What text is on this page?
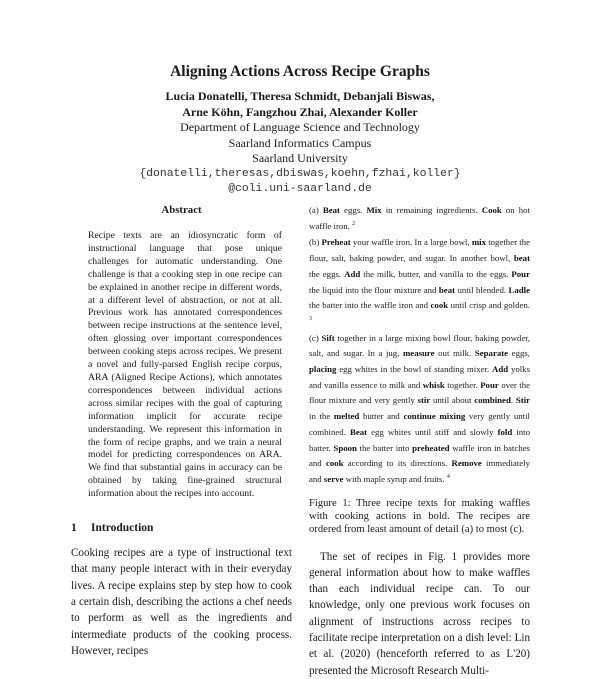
Aligning Actions Across Recipe Graphs
Lucia Donatelli, Theresa Schmidt, Debanjali Biswas,
Arne Köhn, Fangzhou Zhai, Alexander Koller
Department of Language Science and Technology
Saarland Informatics Campus
Saarland University
{donatelli,theresas,dbiswas,koehn,fzhai,koller}
@coli.uni-saarland.de
Abstract
Recipe texts are an idiosyncratic form of instructional language that pose unique challenges for automatic understanding. One challenge is that a cooking step in one recipe can be explained in another recipe in different words, at a different level of abstraction, or not at all. Previous work has annotated correspondences between recipe instructions at the sentence level, often glossing over important correspondences between cooking steps across recipes. We present a novel and fully-parsed English recipe corpus, ARA (Aligned Recipe Actions), which annotates correspondences between individual actions across similar recipes with the goal of capturing information implicit for accurate recipe understanding. We represent this information in the form of recipe graphs, and we train a neural model for predicting correspondences on ARA. We find that substantial gains in accuracy can be obtained by taking fine-grained structural information about the recipes into account.
1	Introduction
Cooking recipes are a type of instructional text that many people interact with in their everyday lives. A recipe explains step by step how to cook a certain dish, describing the actions a chef needs to perform as well as the ingredients and intermediate products of the cooking process. However, recipes
(a) Beat eggs. Mix in remaining ingredients. Cook on hot waffle iron. $^2$
(b) Preheat your waffle iron. In a large bowl, mix together the flour, salt, baking powder, and sugar. In another bowl, beat the eggs. Add the milk, butter, and vanilla to the eggs. Pour the liquid into the flour mixture and beat until blended. Ladle the batter into the waffle iron and cook until crisp and golden. $^3$
(c) Sift together in a large mixing bowl flour, baking powder, salt, and sugar. In a jug, measure out milk. Separate eggs, placing egg whites in the bowl of standing mixer. Add yolks and vanilla essence to milk and whisk together. Pour over the flour mixture and very gently stir until about combined. Stir in the melted butter and continue mixing very gently until combined. Beat egg whites until stiff and slowly fold into batter. Spoon the batter into preheated waffle iron in batches and cook according to its directions. Remove immediately and serve with maple syrup and fruits. $^4$
Figure 1: Three recipe texts for making waffles with cooking actions in bold. The recipes are ordered from least amount of detail (a) to most (c).
The set of recipes in Fig. 1 provides more general information about how to make waffles than each individual recipe can. To our knowledge, only one previous work focuses on alignment of instructions across recipes to facilitate recipe interpretation on a dish level: Lin et al. (2020) (henceforth referred to as L'20) presented the Microsoft Research Multi-
